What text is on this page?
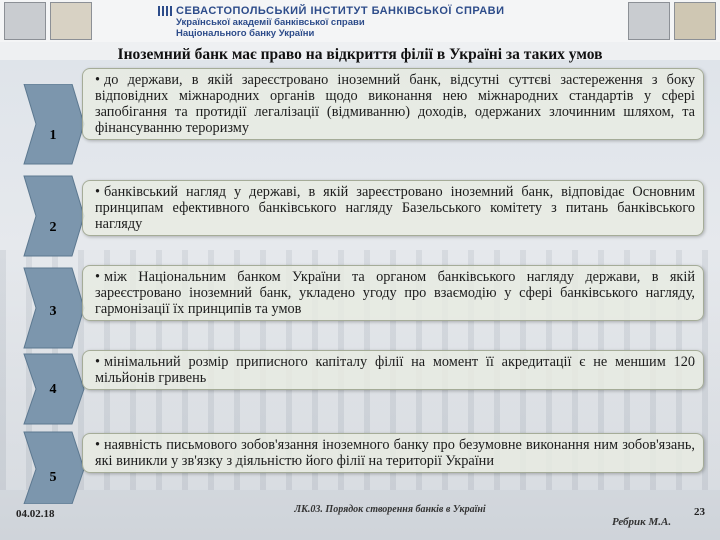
СЕВАСТОПОЛЬСЬКИЙ ІНСТИТУТ БАНКІВСЬКОЇ СПРАВИ
Української академії банківської справи
Національного банку України
Іноземний банк має право на відкриття філії в Україні за таких умов
1
2
3
4
5
• до держави, в якій зареєстровано іноземний банк, відсутні суттєві застереження з боку відповідних міжнародних органів щодо виконання нею міжнародних стандартів у сфері запобігання та протидії легалізації (відмиванню) доходів, одержаних злочинним шляхом, та фінансуванню тероризму
• банківський нагляд у державі, в якій зареєстровано іноземний банк, відповідає Основним принципам ефективного банківського нагляду Базельського комітету з питань банківського нагляду
• між Національним банком України та органом банківського нагляду держави, в якій зареєстровано іноземний банк, укладено угоду про взаємодію у сфері банківського нагляду, гармонізації їх принципів та умов
• мінімальний розмір приписного капіталу філії на момент її акредитації є не меншим 120 мільйонів гривень
• наявність письмового зобов'язання іноземного банку про безумовне виконання ним зобов'язань, які виникли у зв'язку з діяльністю його філії на території України
04.02.18	ЛК.03. Порядок створення банків в Україні
Ребрик М.А.
23
